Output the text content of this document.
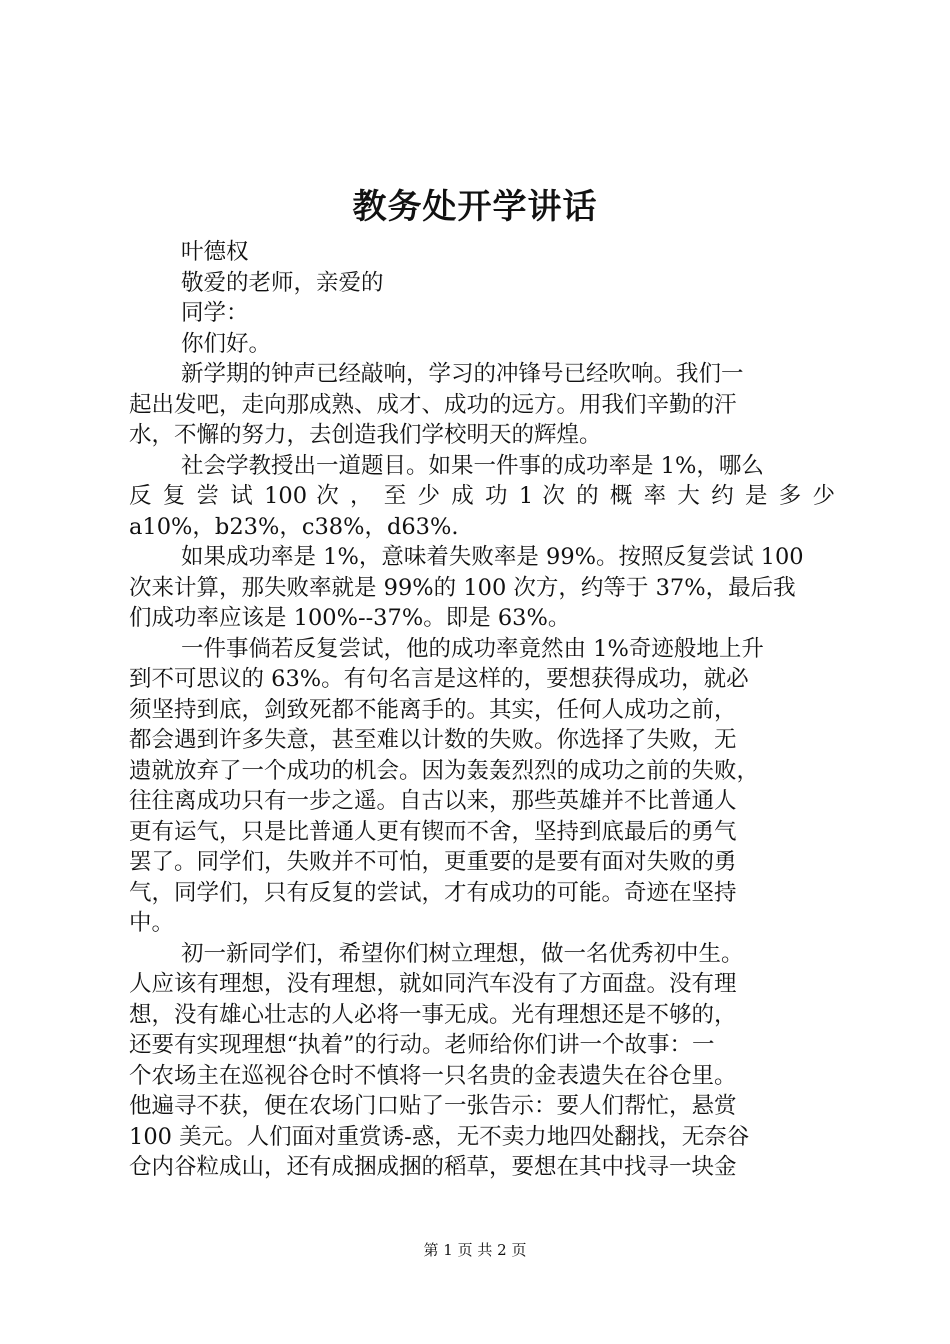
教务处开学讲话
叶德权
敬爱的老师，亲爱的
同学：
你们好。
新学期的钟声已经敲响，学习的冲锋号已经吹响。我们一
起出发吧，走向那成熟、成才、成功的远方。用我们辛勤的汗
水，不懈的努力，去创造我们学校明天的辉煌。
社会学教授出一道题目。如果一件事的成功率是 1%，哪么
反 复 尝 试 100 次 ， 至 少 成 功 1 次 的 概 率 大 约 是 多 少
a10%，b23%，c38%，d63%.
如果成功率是 1%，意味着失败率是 99%。按照反复尝试 100
次来计算，那失败率就是 99%的 100 次方，约等于 37%，最后我
们成功率应该是 100%--37%。即是 63%。
一件事倘若反复尝试，他的成功率竟然由 1%奇迹般地上升
到不可思议的 63%。有句名言是这样的，要想获得成功，就必
须坚持到底，剑致死都不能离手的。其实，任何人成功之前，
都会遇到许多失意，甚至难以计数的失败。你选择了失败，无
遗就放弃了一个成功的机会。因为轰轰烈烈的成功之前的失败，
往往离成功只有一步之遥。自古以来，那些英雄并不比普通人
更有运气，只是比普通人更有锲而不舍，坚持到底最后的勇气
罢了。同学们，失败并不可怕，更重要的是要有面对失败的勇
气，同学们，只有反复的尝试，才有成功的可能。奇迹在坚持
中。
初一新同学们，希望你们树立理想，做一名优秀初中生。
人应该有理想，没有理想，就如同汽车没有了方面盘。没有理
想，没有雄心壮志的人必将一事无成。光有理想还是不够的，
还要有实现理想“执着”的行动。老师给你们讲一个故事：一
个农场主在巡视谷仓时不慎将一只名贵的金表遗失在谷仓里。
他遍寻不获，便在农场门口贴了一张告示：要人们帮忙，悬赏
100 美元。人们面对重赏诱-惑，无不卖力地四处翻找，无奈谷
仓内谷粒成山，还有成捆成捆的稻草，要想在其中找寻一块金
第 1 页 共 2 页
